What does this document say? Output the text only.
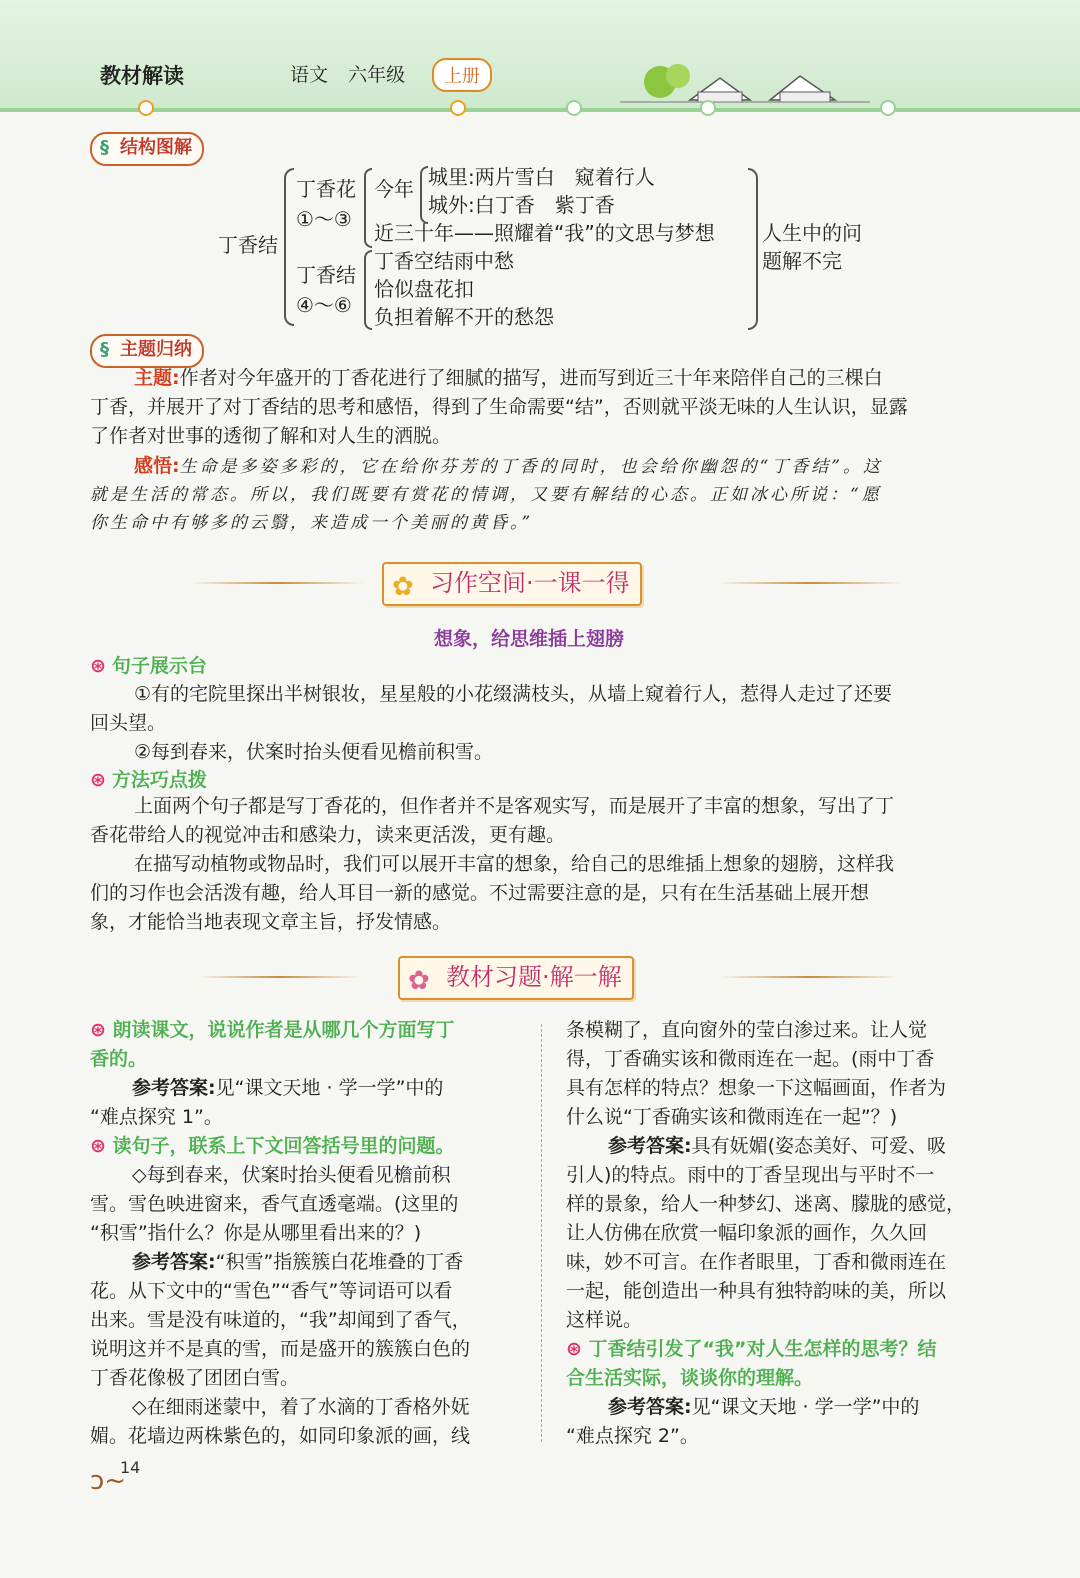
教材解读	语文 六年级	上册
§ 结构图解
丁香结
丁香花
①～③
今年 城里:两片雪白　窥着行人
城外:白丁香　紫丁香
近三十年——照耀着“我”的文思与梦想
丁香结
④～⑥
丁香空结雨中愁
恰似盘花扣
负担着解不开的愁怨
人生中的问
题解不完
§ 主题归纳
主题:作者对今年盛开的丁香花进行了细腻的描写，进而写到近三十年来陪伴自己的三棵白
丁香，并展开了对丁香结的思考和感悟，得到了生命需要“结”，否则就平淡无味的人生认识，显露
了作者对世事的透彻了解和对人生的洒脱。
感悟:生命是多姿多彩的，它在给你芬芳的丁香的同时，也会给你幽怨的“丁香结”。这
就是生活的常态。所以，我们既要有赏花的情调，又要有解结的心态。正如冰心所说：“愿
你生命中有够多的云翳，来造成一个美丽的黄昏。”
✿ 习作空间·一课一得
想象，给思维插上翅膀
⊛ 句子展示台
①有的宅院里探出半树银妆，星星般的小花缀满枝头，从墙上窥着行人，惹得人走过了还要
回头望。
②每到春来，伏案时抬头便看见檐前积雪。
⊛ 方法巧点拨
上面两个句子都是写丁香花的，但作者并不是客观实写，而是展开了丰富的想象，写出了丁
香花带给人的视觉冲击和感染力，读来更活泼，更有趣。
在描写动植物或物品时，我们可以展开丰富的想象，给自己的思维插上想象的翅膀，这样我
们的习作也会活泼有趣，给人耳目一新的感觉。不过需要注意的是，只有在生活基础上展开想
象，才能恰当地表现文章主旨，抒发情感。
✿ 教材习题·解一解
⊛ 朗读课文，说说作者是从哪几个方面写丁
香的。
参考答案:见“课文天地 · 学一学”中的
“难点探究 1”。
⊛ 读句子，联系上下文回答括号里的问题。
◇每到春来，伏案时抬头便看见檐前积
雪。雪色映进窗来，香气直透毫端。(这里的
“积雪”指什么？你是从哪里看出来的？)
参考答案:“积雪”指簇簇白花堆叠的丁香
花。从下文中的“雪色”“香气”等词语可以看
出来。雪是没有味道的，“我”却闻到了香气，
说明这并不是真的雪，而是盛开的簇簇白色的
丁香花像极了团团白雪。
◇在细雨迷蒙中，着了水滴的丁香格外妩
媚。花墙边两株紫色的，如同印象派的画，线
条模糊了，直向窗外的莹白渗过来。让人觉
得，丁香确实该和微雨连在一起。(雨中丁香
具有怎样的特点？想象一下这幅画面，作者为
什么说“丁香确实该和微雨连在一起”？)
参考答案:具有妩媚(姿态美好、可爱、吸
引人)的特点。雨中的丁香呈现出与平时不一
样的景象，给人一种梦幻、迷离、朦胧的感觉，
让人仿佛在欣赏一幅印象派的画作，久久回
味，妙不可言。在作者眼里，丁香和微雨连在
一起，能创造出一种具有独特韵味的美，所以
这样说。
⊛ 丁香结引发了“我”对人生怎样的思考？结
合生活实际，谈谈你的理解。
参考答案:见“课文天地 · 学一学”中的
“难点探究 2”。
ↄ~
14
